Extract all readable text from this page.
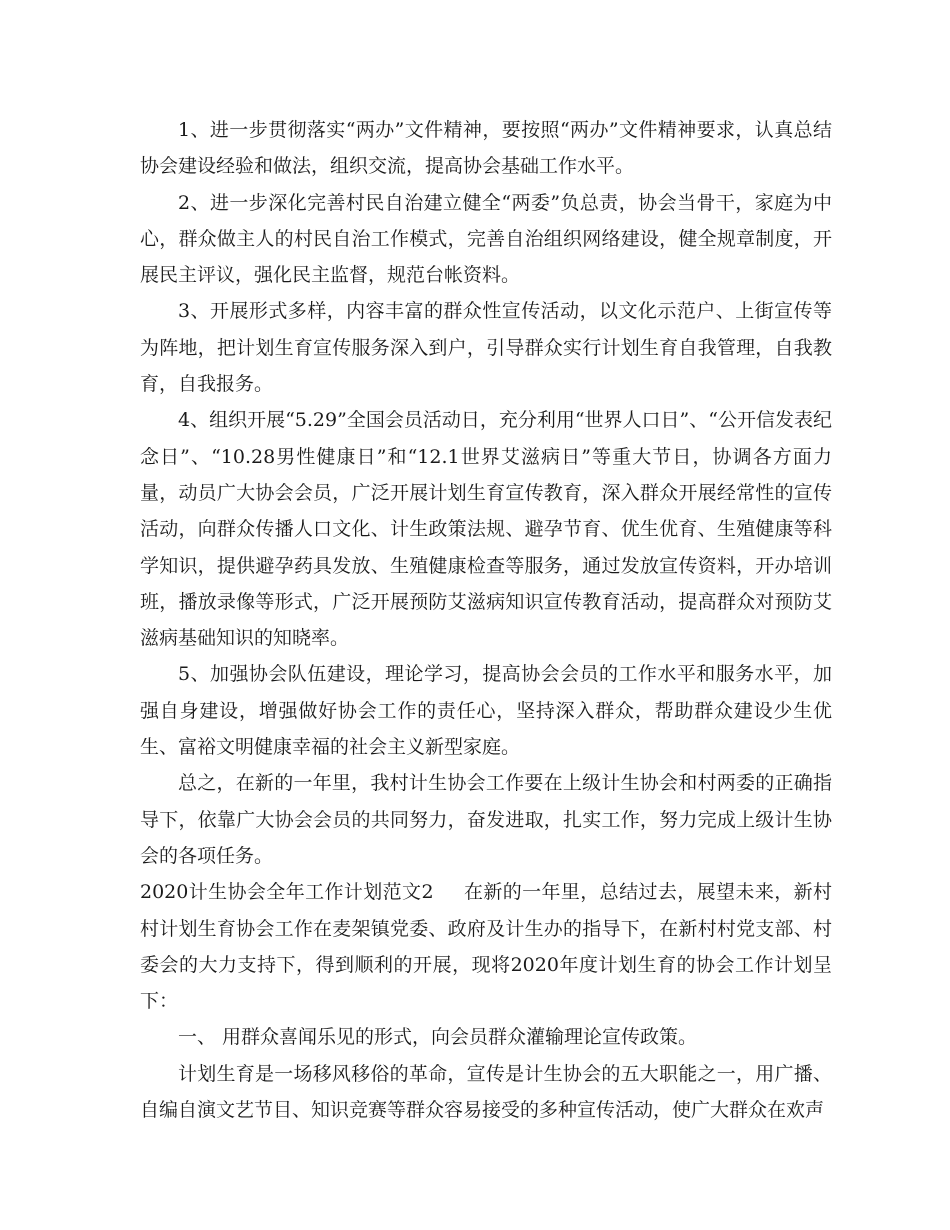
1、进一步贯彻落实“两办”文件精神，要按照“两办”文件精神要求，认真总结协会建设经验和做法，组织交流，提高协会基础工作水平。

2、进一步深化完善村民自治建立健全“两委”负总责，协会当骨干，家庭为中心，群众做主人的村民自治工作模式，完善自治组织网络建设，健全规章制度，开展民主评议，强化民主监督，规范台帐资料。

3、开展形式多样，内容丰富的群众性宣传活动，以文化示范户、上街宣传等为阵地，把计划生育宣传服务深入到户，引导群众实行计划生育自我管理，自我教育，自我报务。

4、组织开展“5.29”全国会员活动日，充分利用“世界人口日”、“公开信发表纪念日”、“10.28男性健康日”和“12.1世界艾滋病日”等重大节日，协调各方面力量，动员广大协会会员，广泛开展计划生育宣传教育，深入群众开展经常性的宣传活动，向群众传播人口文化、计生政策法规、避孕节育、优生优育、生殖健康等科学知识，提供避孕药具发放、生殖健康检查等服务，通过发放宣传资料，开办培训班，播放录像等形式，广泛开展预防艾滋病知识宣传教育活动，提高群众对预防艾滋病基础知识的知晓率。

5、加强协会队伍建设，理论学习，提高协会会员的工作水平和服务水平，加强自身建设，增强做好协会工作的责任心，坚持深入群众，帮助群众建设少生优生、富裕文明健康幸福的社会主义新型家庭。

总之，在新的一年里，我村计生协会工作要在上级计生协会和村两委的正确指导下，依靠广大协会会员的共同努力，奋发进取，扎实工作，努力完成上级计生协会的各项任务。

2020计生协会全年工作计划范文2 在新的一年里，总结过去，展望未来，新村村计划生育协会工作在麦架镇党委、政府及计生办的指导下，在新村村党支部、村委会的大力支持下，得到顺利的开展，现将2020年度计划生育的协会工作计划呈下：

一、 用群众喜闻乐见的形式，向会员群众灌输理论宣传政策。

计划生育是一场移风移俗的革命，宣传是计生协会的五大职能之一，用广播、自编自演文艺节目、知识竞赛等群众容易接受的多种宣传活动，使广大群众在欢声
